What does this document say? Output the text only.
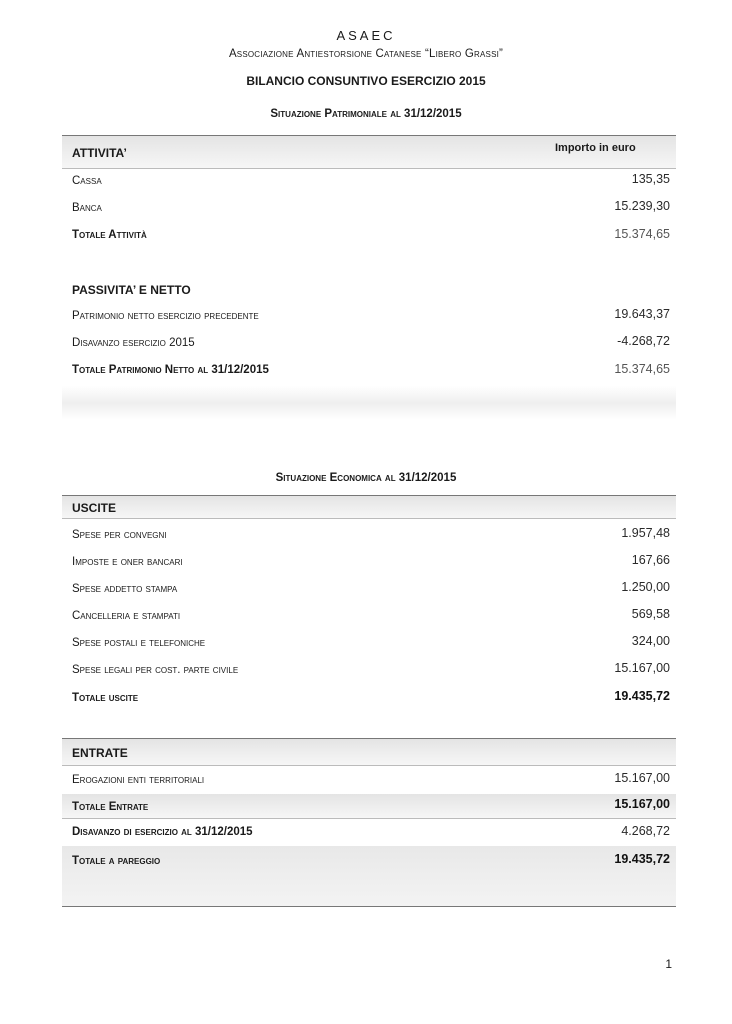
ASAEC
Associazione Antiestorsione Catanese “Libero Grassi”
BILANCIO CONSUNTIVO ESERCIZIO 2015
Situazione Patrimoniale al 31/12/2015
ATTIVITA’	Importo in euro
Cassa	135,35
Banca	15.239,30
Totale Attività	15.374,65
PASSIVITA’ E NETTO
Patrimonio netto esercizio precedente	19.643,37
Disavanzo esercizio 2015	-4.268,72
Totale Patrimonio Netto al 31/12/2015	15.374,65
Situazione Economica al 31/12/2015
USCITE
Spese per convegni	1.957,48
Imposte e oner bancari	167,66
Spese addetto stampa	1.250,00
Cancelleria e stampati	569,58
Spese postali e telefoniche	324,00
Spese legali per cost. parte civile	15.167,00
Totale uscite	19.435,72
ENTRATE
Erogazioni enti territoriali	15.167,00
Totale Entrate	15.167,00
Disavanzo di esercizio al 31/12/2015	4.268,72
Totale a pareggio	19.435,72
1
